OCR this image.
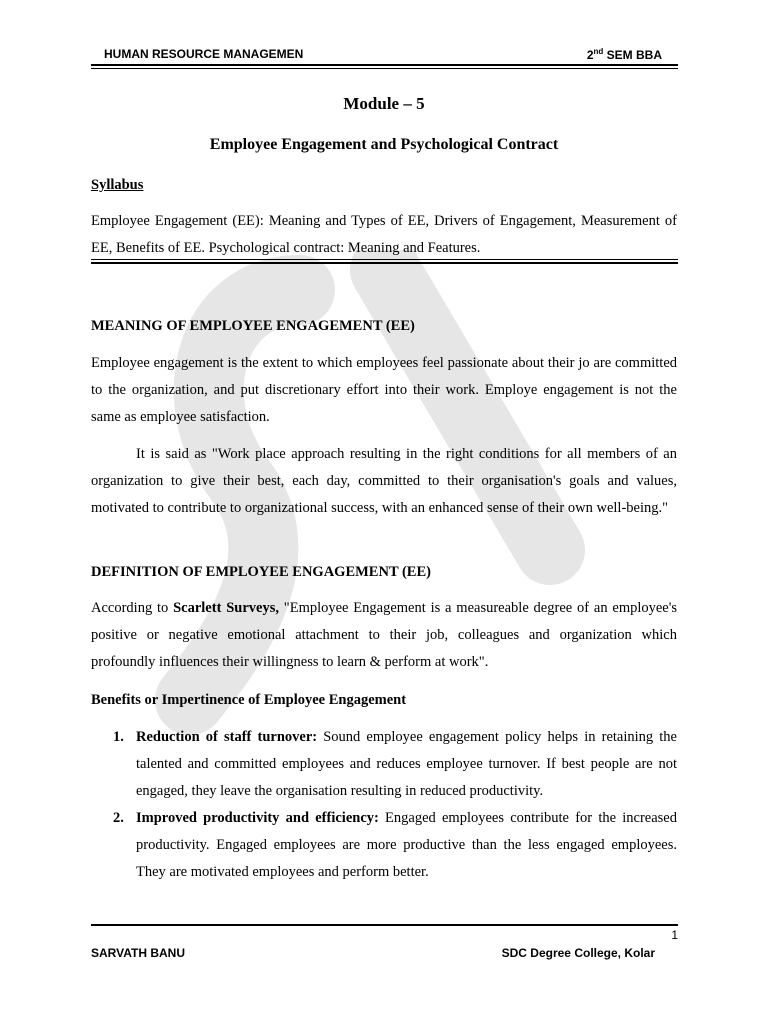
HUMAN RESOURCE MANAGEMEN	2nd SEM BBA
Module – 5
Employee Engagement and Psychological Contract
Syllabus

Employee Engagement (EE): Meaning and Types of EE, Drivers of Engagement, Measurement of EE, Benefits of EE. Psychological contract: Meaning and Features.

MEANING OF EMPLOYEE ENGAGEMENT (EE)

Employee engagement is the extent to which employees feel passionate about their jo are committed to the organization, and put discretionary effort into their work. Employe engagement is not the same as employee satisfaction.

It is said as "Work place approach resulting in the right conditions for all members of an organization to give their best, each day, committed to their organisation's goals and values, motivated to contribute to organizational success, with an enhanced sense of their own well-being."

DEFINITION OF EMPLOYEE ENGAGEMENT (EE)

According to Scarlett Surveys, "Employee Engagement is a measureable degree of an employee's positive or negative emotional attachment to their job, colleagues and organization which profoundly influences their willingness to learn & perform at work".

Benefits or Impertinence of Employee Engagement
1. Reduction of staff turnover: Sound employee engagement policy helps in retaining the talented and committed employees and reduces employee turnover. If best people are not engaged, they leave the organisation resulting in reduced productivity.
2. Improved productivity and efficiency: Engaged employees contribute for the increased productivity. Engaged employees are more productive than the less engaged employees. They are motivated employees and perform better.
1
SARVATH BANU	SDC Degree College, Kolar
